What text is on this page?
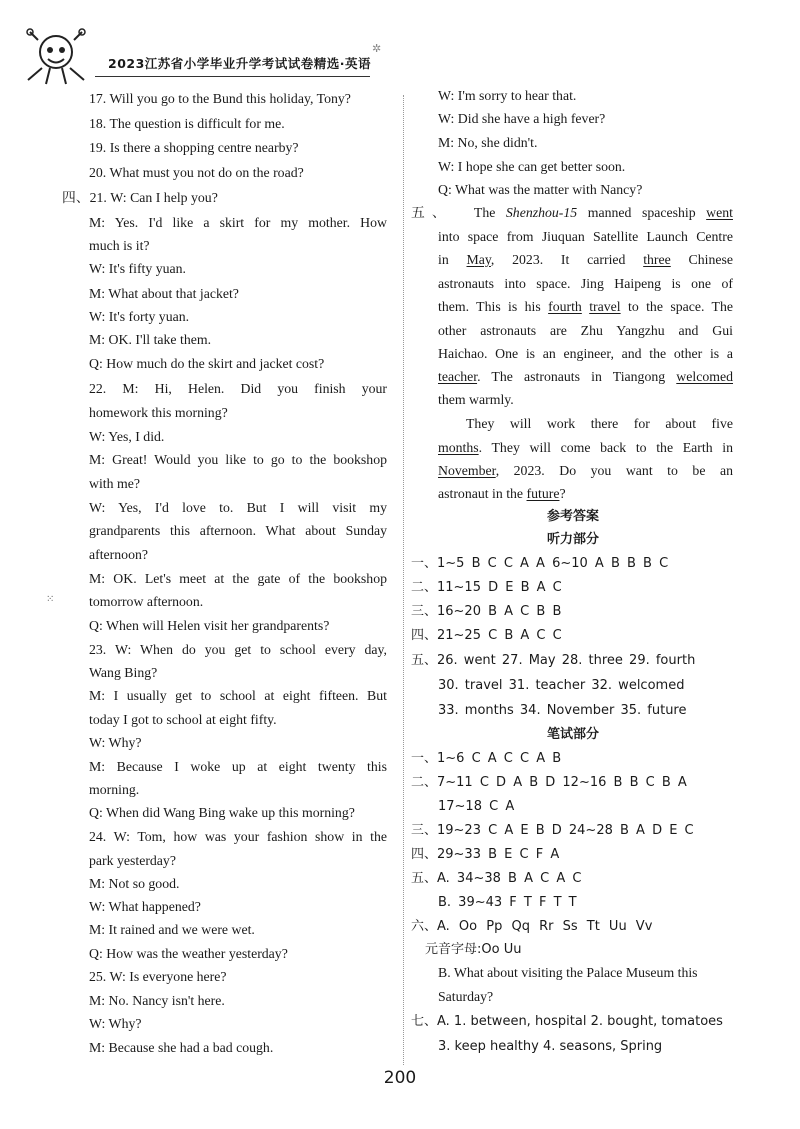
2023江苏省小学毕业升学考试试卷精选·英语
✲
⁙
17. Will you go to the Bund this holiday, Tony?
18. The question is difficult for me.
19. Is there a shopping centre nearby?
20. What must you not do on the road?
四、21. W: Can I help you?
M: Yes. I'd like a skirt for my mother. How
much is it?
W: It's fifty yuan.
M: What about that jacket?
W: It's forty yuan.
M: OK. I'll take them.
Q: How much do the skirt and jacket cost?
22. M: Hi, Helen. Did you finish your
homework this morning?
W: Yes, I did.
M: Great! Would you like to go to the bookshop
with me?
W: Yes, I'd love to. But I will visit my
grandparents this afternoon. What about Sunday
afternoon?
M: OK. Let's meet at the gate of the bookshop
tomorrow afternoon.
Q: When will Helen visit her grandparents?
23. W: When do you get to school every day,
Wang Bing?
M: I usually get to school at eight fifteen. But
today I got to school at eight fifty.
W: Why?
M: Because I woke up at eight twenty this
morning.
Q: When did Wang Bing wake up this morning?
24. W: Tom, how was your fashion show in the
park yesterday?
M: Not so good.
W: What happened?
M: It rained and we were wet.
Q: How was the weather yesterday?
25. W: Is everyone here?
M: No. Nancy isn't here.
W: Why?
M: Because she had a bad cough.
W: I'm sorry to hear that.
W: Did she have a high fever?
M: No, she didn't.
W: I hope she can get better soon.
Q: What was the matter with Nancy?
五、  The Shenzhou-15 manned spaceship went
into space from Jiuquan Satellite Launch Centre
in May, 2023. It carried three Chinese
astronauts into space. Jing Haipeng is one of
them. This is his fourth travel to the space. The
other astronauts are Zhu Yangzhu and Gui
Haichao. One is an engineer, and the other is a
teacher. The astronauts in Tiangong welcomed
them warmly.
They will work there for about five
months. They will come back to the Earth in
November, 2023. Do you want to be an
astronaut in the future?
参考答案
听力部分
一、1~5 B C C A A 6~10 A B B B C
二、11~15 D E B A C
三、16~20 B A C B B
四、21~25 C B A C C
五、26. went 27. May 28. three 29. fourth
30. travel 31. teacher 32. welcomed
33. months 34. November 35. future
笔试部分
一、1~6 C A C C A B
二、7~11 C D A B D 12~16 B B C B A
17~18 C A
三、19~23 C A E B D 24~28 B A D E C
四、29~33 B E C F A
五、A. 34~38 B A C A C
B. 39~43 F T F T T
六、A. Oo Pp Qq Rr Ss Tt Uu Vv
元音字母:Oo Uu
B. What about visiting the Palace Museum this
Saturday?
七、A. 1. between, hospital 2. bought, tomatoes
3. keep healthy 4. seasons, Spring
200
